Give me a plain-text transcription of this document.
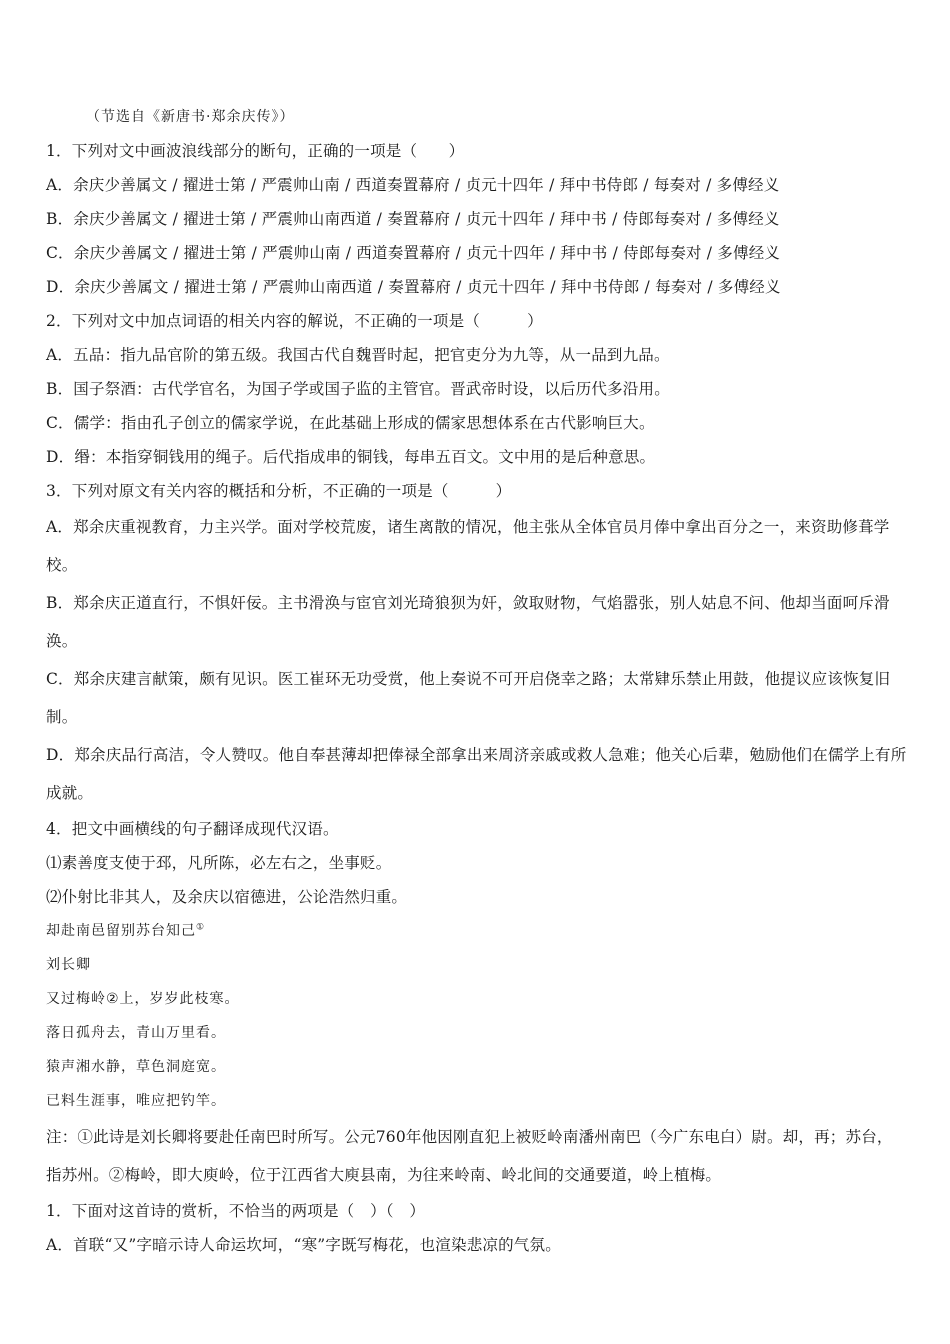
（节选自《新唐书·郑余庆传》）
1．下列对文中画波浪线部分的断句，正确的一项是（　　）
A．余庆少善属文 / 擢进士第 / 严震帅山南 / 西道奏置幕府 / 贞元十四年 / 拜中书侍郎 / 每奏对 / 多傅经义
B．余庆少善属文 / 擢进士第 / 严震帅山南西道 / 奏置幕府 / 贞元十四年 / 拜中书 / 侍郎每奏对 / 多傅经义
C．余庆少善属文 / 擢进士第 / 严震帅山南 / 西道奏置幕府 / 贞元十四年 / 拜中书 / 侍郎每奏对 / 多傅经义
D．余庆少善属文 / 擢进士第 / 严震帅山南西道 / 奏置幕府 / 贞元十四年 / 拜中书侍郎 / 每奏对 / 多傅经义
2．下列对文中加点词语的相关内容的解说，不正确的一项是（　　　）
A．五品：指九品官阶的第五级。我国古代自魏晋时起，把官吏分为九等，从一品到九品。
B．国子祭酒：古代学官名，为国子学或国子监的主管官。晋武帝时设，以后历代多沿用。
C．儒学：指由孔子创立的儒家学说，在此基础上形成的儒家思想体系在古代影响巨大。
D．缗：本指穿铜钱用的绳子。后代指成串的铜钱，每串五百文。文中用的是后种意思。
3．下列对原文有关内容的概括和分析，不正确的一项是（　　　）
A．郑余庆重视教育，力主兴学。面对学校荒废，诸生离散的情况，他主张从全体官员月俸中拿出百分之一，来资助修葺学校。
B．郑余庆正道直行，不惧奸佞。主书滑涣与宦官刘光琦狼狈为奸，敛取财物，气焰嚣张，别人姑息不问、他却当面呵斥滑涣。
C．郑余庆建言献策，颇有见识。医工崔环无功受赏，他上奏说不可开启侥幸之路；太常肄乐禁止用鼓，他提议应该恢复旧制。
D．郑余庆品行高洁，令人赞叹。他自奉甚薄却把俸禄全部拿出来周济亲戚或救人急难；他关心后辈，勉励他们在儒学上有所成就。
4．把文中画横线的句子翻译成现代汉语。
⑴素善度支使于邳，凡所陈，必左右之，坐事贬。
⑵仆射比非其人，及余庆以宿德进，公论浩然归重。
却赴南邑留别苏台知己①
刘长卿
又过梅岭②上，岁岁此枝寒。
落日孤舟去，青山万里看。
猿声湘水静，草色洞庭宽。
已料生涯事，唯应把钓竿。
注：①此诗是刘长卿将要赴任南巴时所写。公元760年他因刚直犯上被贬岭南潘州南巴（今广东电白）尉。却，再；苏台，指苏州。②梅岭，即大庾岭，位于江西省大庾县南，为往来岭南、岭北间的交通要道，岭上植梅。
1．下面对这首诗的赏析，不恰当的两项是（　）（　）
A．首联“又”字暗示诗人命运坎坷，“寒”字既写梅花，也渲染悲凉的气氛。
